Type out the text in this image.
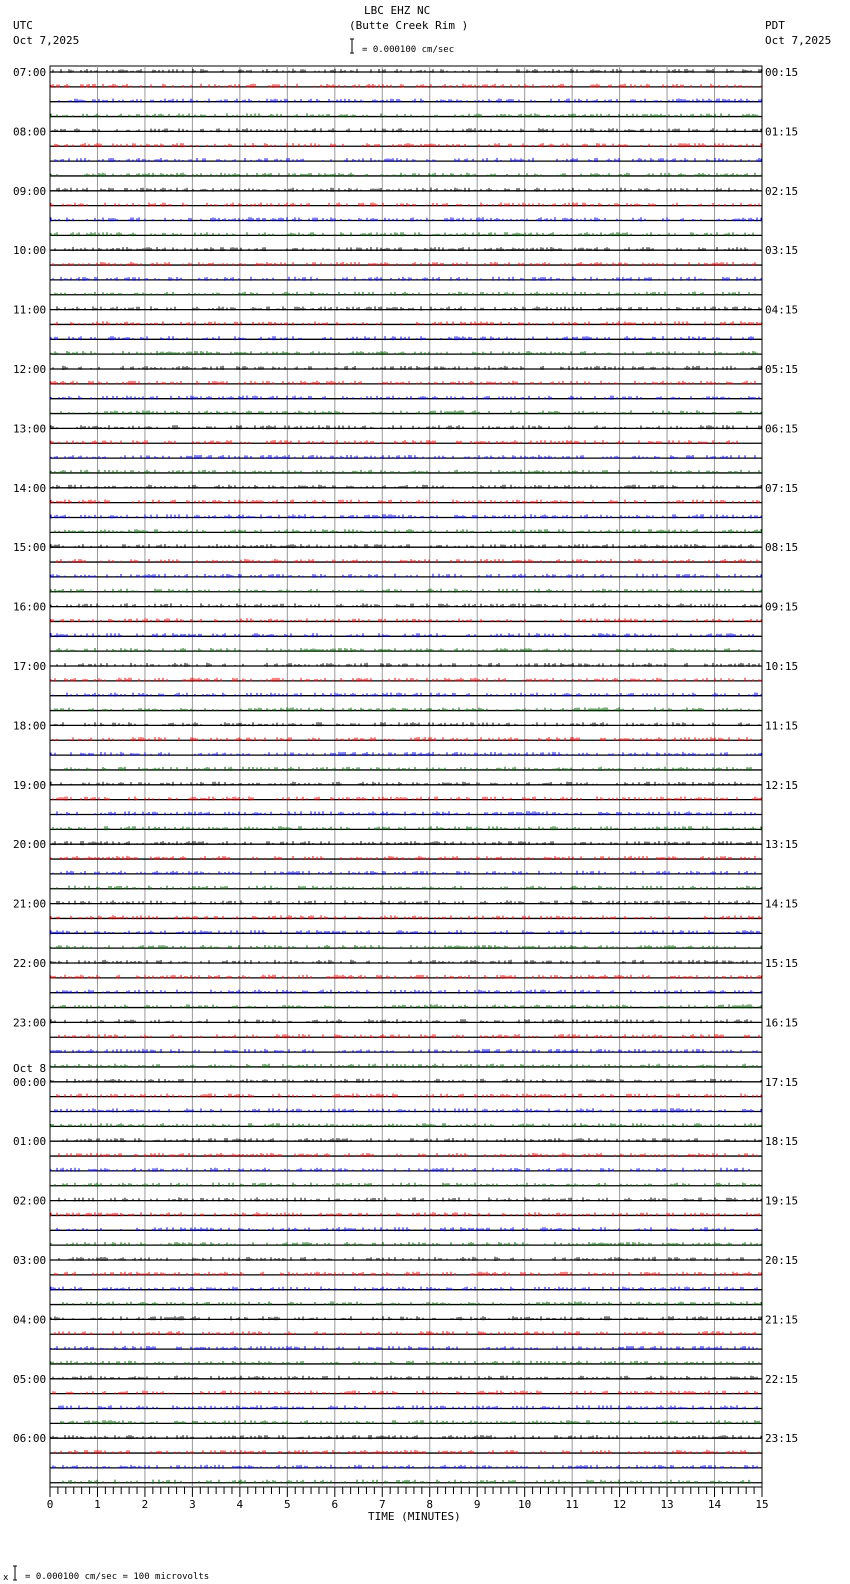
LBC EHZ NC
(Butte Creek Rim )
UTC
Oct 7,2025
PDT
Oct 7,2025
= 0.000100 cm/sec
07:00	00:15
08:00	01:15
09:00	02:15
10:00	03:15
11:00	04:15
12:00	05:15
13:00	06:15
14:00	07:15
15:00	08:15
16:00	09:15
17:00	10:15
18:00	11:15
19:00	12:15
20:00	13:15
21:00	14:15
22:00	15:15
23:00	16:15
00:00	17:15
01:00	18:15
02:00	19:15
03:00	20:15
04:00	21:15
05:00	22:15
06:00	23:15
Oct 8
0	1	2	3	4	5	6	7	8	9	10	11	12	13	14	15
TIME (MINUTES)
x = 0.000100 cm/sec = 100 microvolts
